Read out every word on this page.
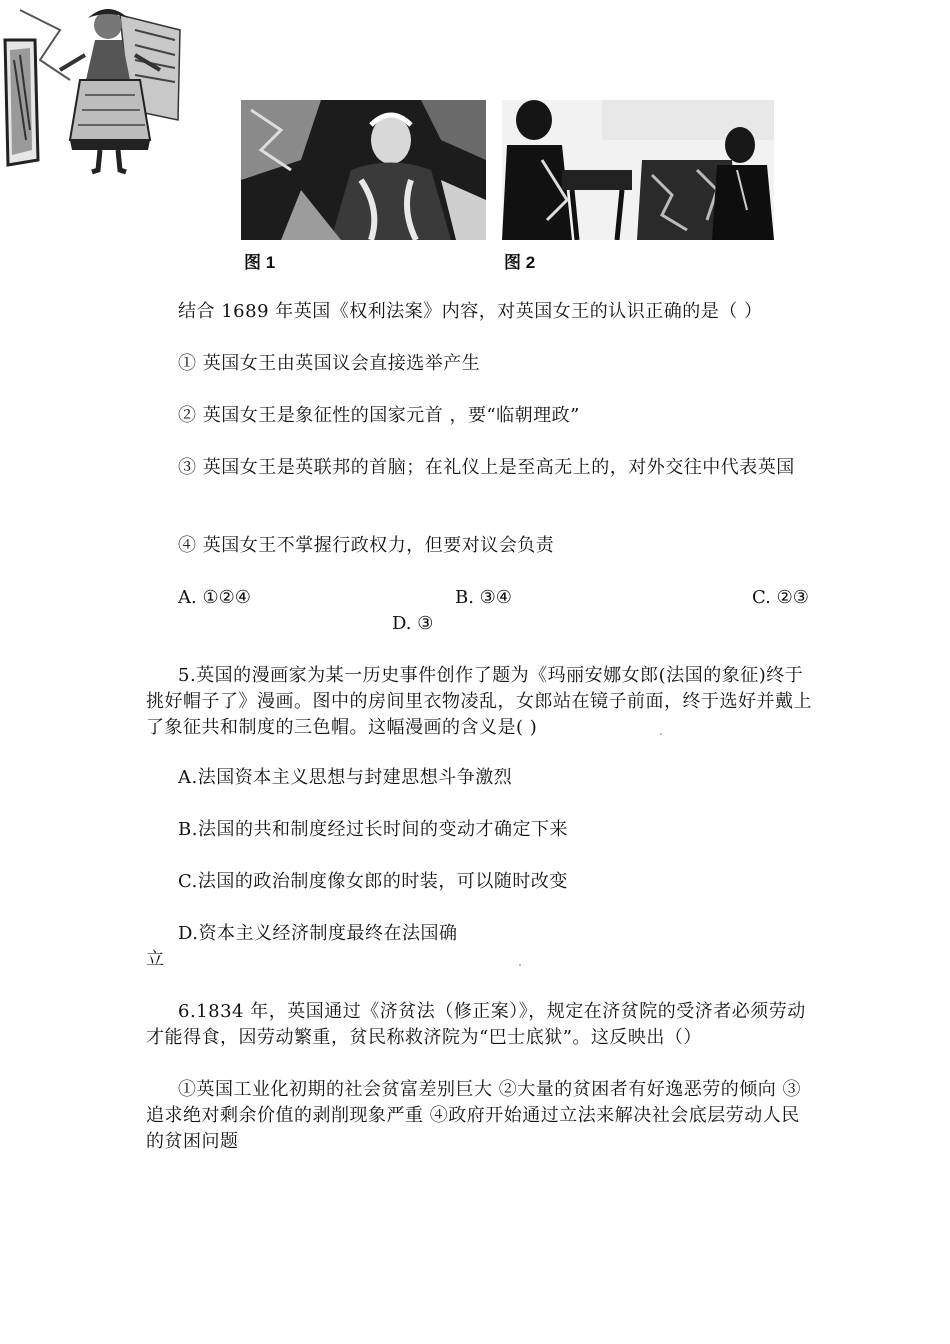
图 1	图 2
结合 1689 年英国《权利法案》内容，对英国女王的认识正确的是（ ）
① 英国女王由英国议会直接选举产生
② 英国女王是象征性的国家元首 ，要“临朝理政”
③ 英国女王是英联邦的首脑；在礼仪上是至高无上的，对外交往中代表英国
④ 英国女王不掌握行政权力，但要对议会负责
A. ①②④	B. ③④	C. ②③
D. ③
5.英国的漫画家为某一历史事件创作了题为《玛丽安娜女郎(法国的象征)终于挑好帽子了》漫画。图中的房间里衣物凌乱，女郎站在镜子前面，终于选好并戴上了象征共和制度的三色帽。这幅漫画的含义是( )
A.法国资本主义思想与封建思想斗争激烈
B.法国的共和制度经过长时间的变动才确定下来
C.法国的政治制度像女郎的时装，可以随时改变
D.资本主义经济制度最终在法国确
立
6.1834 年，英国通过《济贫法（修正案）》，规定在济贫院的受济者必须劳动才能得食，因劳动繁重，贫民称救济院为“巴士底狱”。这反映出（）
①英国工业化初期的社会贫富差别巨大 ②大量的贫困者有好逸恶劳的倾向 ③追求绝对剩余价值的剥削现象严重 ④政府开始通过立法来解决社会底层劳动人民的贫困问题
